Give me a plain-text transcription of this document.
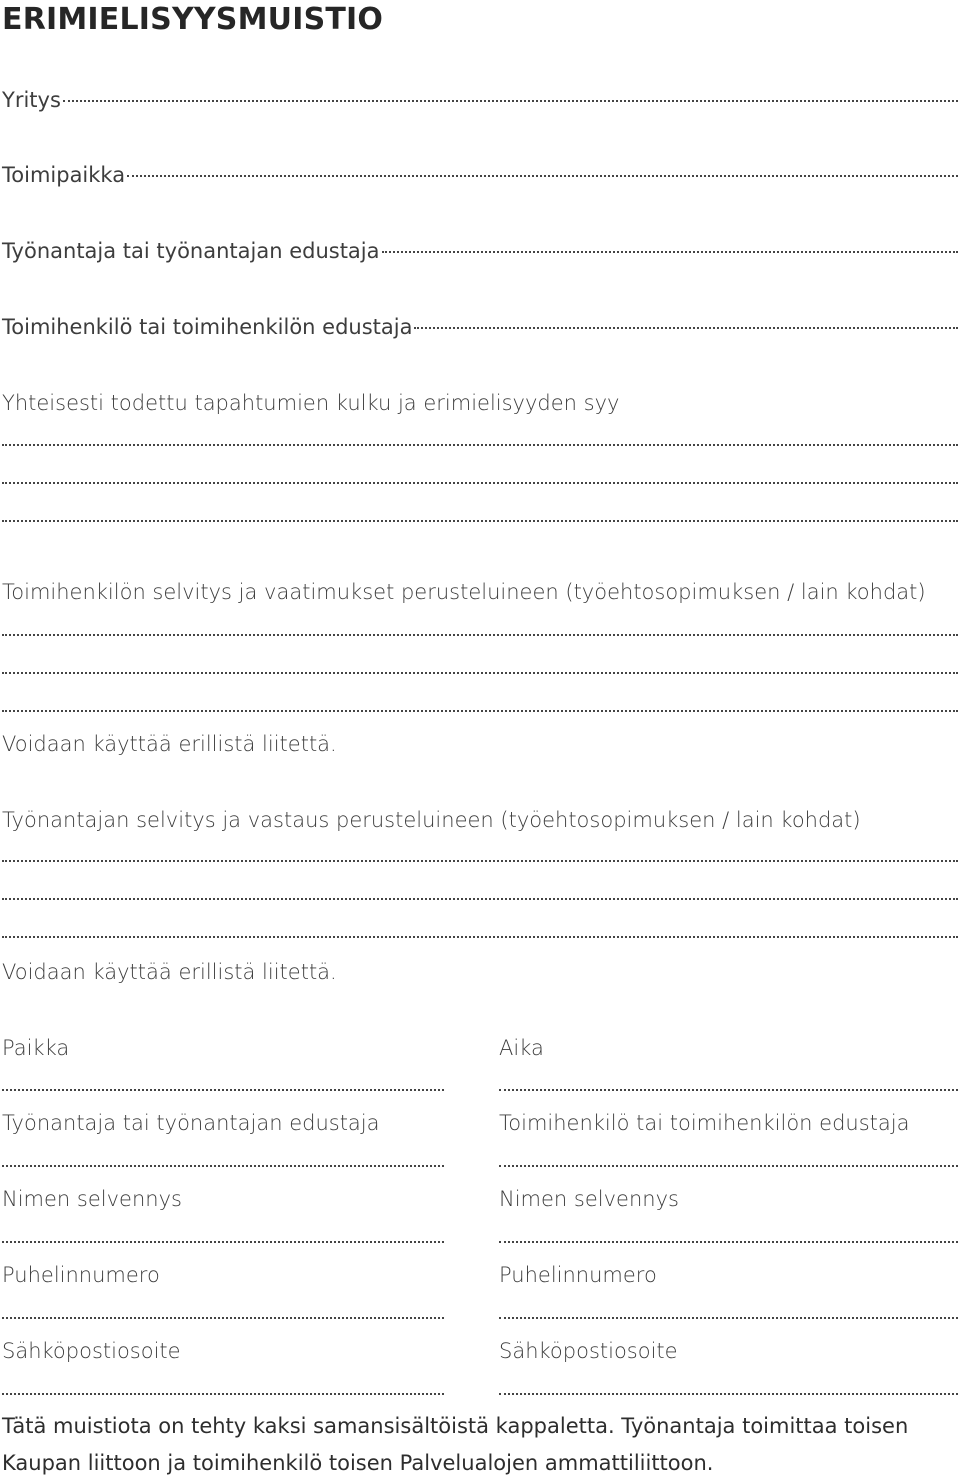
ERIMIELISYYSMUISTIO
Yritys
Toimipaikka
Työnantaja tai työnantajan edustaja
Toimihenkilö tai toimihenkilön edustaja
Yhteisesti todettu tapahtumien kulku ja erimielisyyden syy
Toimihenkilön selvitys ja vaatimukset perusteluineen (työehtosopimuksen / lain kohdat)
Voidaan käyttää erillistä liitettä.
Työnantajan selvitys ja vastaus perusteluineen (työehtosopimuksen / lain kohdat)
Voidaan käyttää erillistä liitettä.
Paikka
Työnantaja tai työnantajan edustaja
Nimen selvennys
Puhelinnumero
Sähköpostiosoite
Aika
Toimihenkilö tai toimihenkilön edustaja
Nimen selvennys
Puhelinnumero
Sähköpostiosoite
Tätä muistiota on tehty kaksi samansisältöistä kappaletta. Työnantaja toimittaa toisen
Kaupan liittoon ja toimihenkilö toisen Palvelualojen ammattiliittoon.
